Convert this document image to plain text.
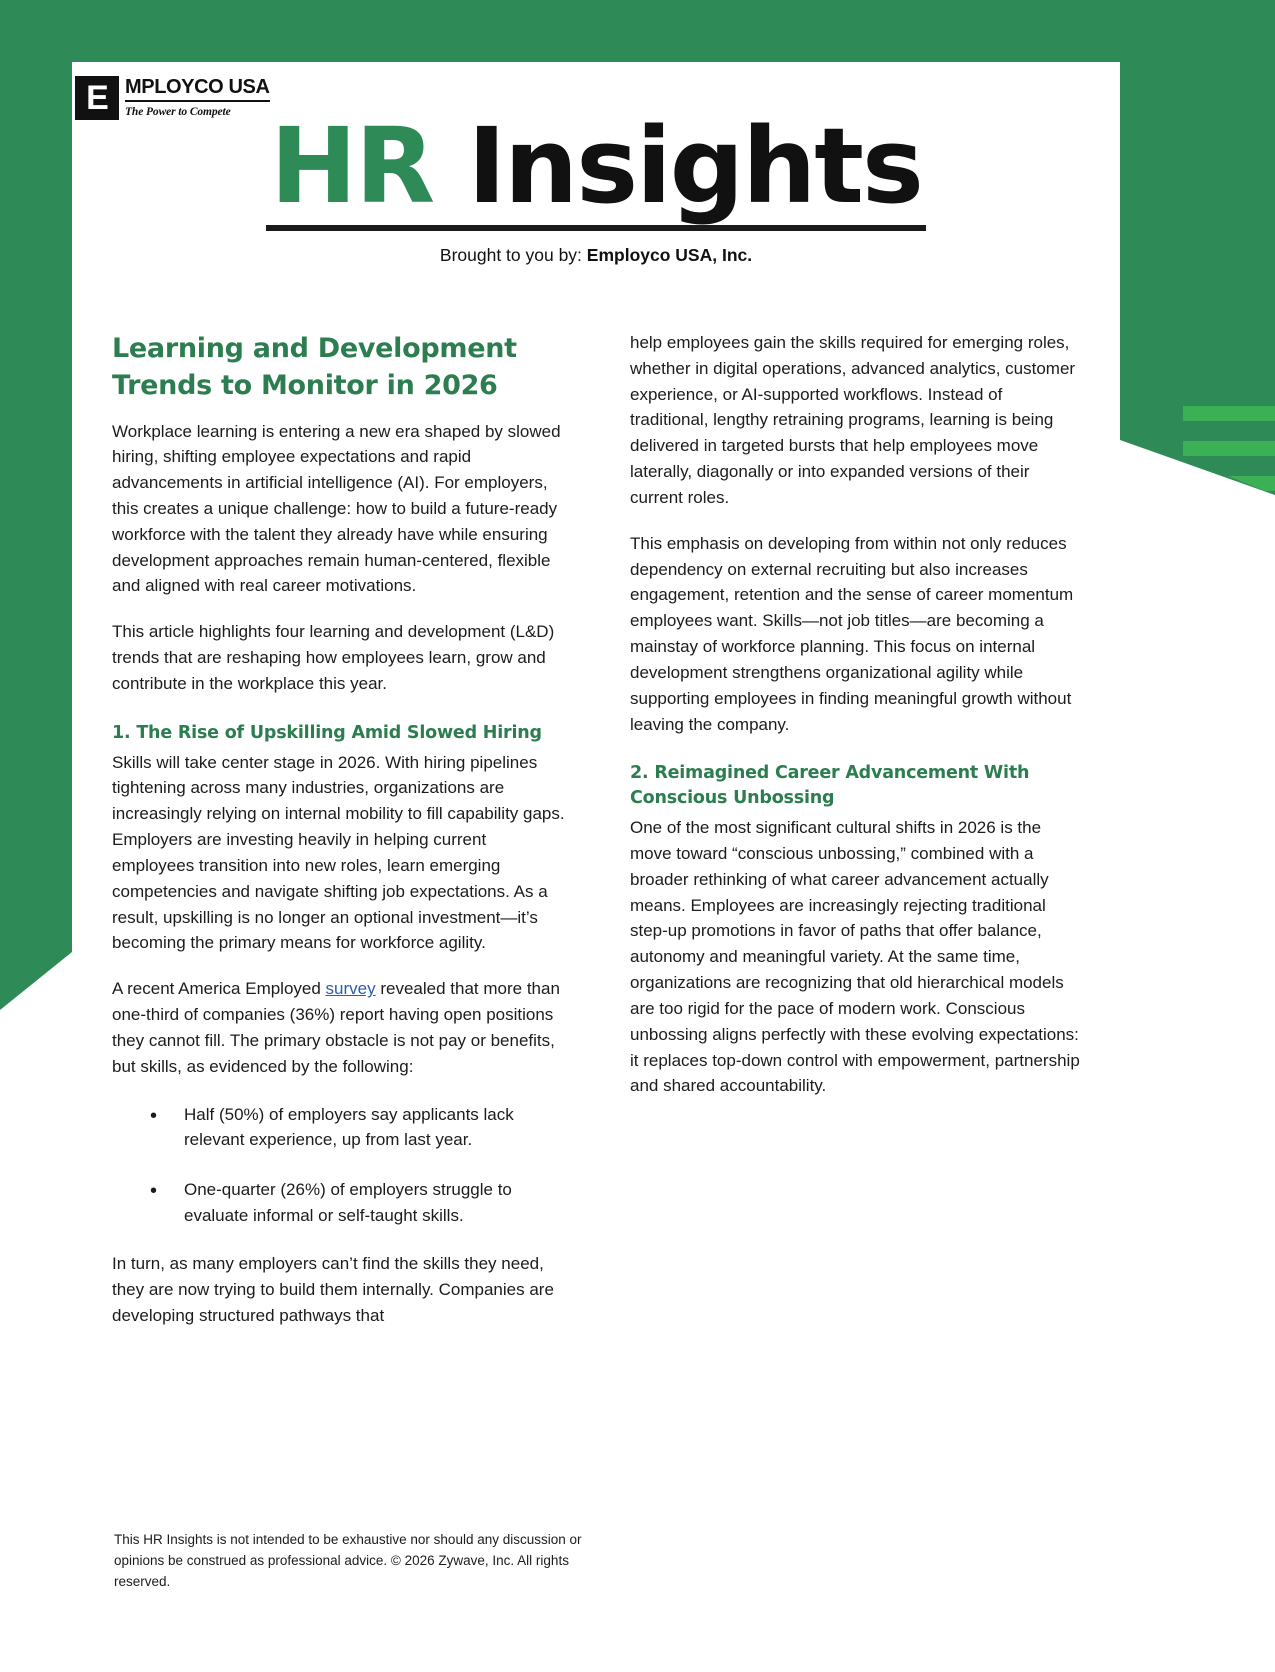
E MPLOYCO USA
The Power to Compete HR Insights
Brought to you by: Employco USA, Inc.
Learning and Development Trends to Monitor in 2026

Workplace learning is entering a new era shaped by slowed hiring, shifting employee expectations and rapid advancements in artificial intelligence (AI). For employers, this creates a unique challenge: how to build a future-ready workforce with the talent they already have while ensuring development approaches remain human-centered, flexible and aligned with real career motivations.

This article highlights four learning and development (L&D) trends that are reshaping how employees learn, grow and contribute in the workplace this year.

1. The Rise of Upskilling Amid Slowed Hiring

Skills will take center stage in 2026. With hiring pipelines tightening across many industries, organizations are increasingly relying on internal mobility to fill capability gaps. Employers are investing heavily in helping current employees transition into new roles, learn emerging competencies and navigate shifting job expectations. As a result, upskilling is no longer an optional investment—it’s becoming the primary means for workforce agility.

A recent America Employed survey revealed that more than one-third of companies (36%) report having open positions they cannot fill. The primary obstacle is not pay or benefits, but skills, as evidenced by the following:

• Half (50%) of employers say applicants lack relevant experience, up from last year.
• One-quarter (26%) of employers struggle to evaluate informal or self-taught skills.

In turn, as many employers can’t find the skills they need, they are now trying to build them internally. Companies are developing structured pathways that

help employees gain the skills required for emerging roles, whether in digital operations, advanced analytics, customer experience, or AI-supported workflows. Instead of traditional, lengthy retraining programs, learning is being delivered in targeted bursts that help employees move laterally, diagonally or into expanded versions of their current roles.

This emphasis on developing from within not only reduces dependency on external recruiting but also increases engagement, retention and the sense of career momentum employees want. Skills—not job titles—are becoming a mainstay of workforce planning. This focus on internal development strengthens organizational agility while supporting employees in finding meaningful growth without leaving the company.

2. Reimagined Career Advancement With Conscious Unbossing

One of the most significant cultural shifts in 2026 is the move toward “conscious unbossing,” combined with a broader rethinking of what career advancement actually means. Employees are increasingly rejecting traditional step-up promotions in favor of paths that offer balance, autonomy and meaningful variety. At the same time, organizations are recognizing that old hierarchical models are too rigid for the pace of modern work. Conscious unbossing aligns perfectly with these evolving expectations: it replaces top-down control with empowerment, partnership and shared accountability.

This HR Insights is not intended to be exhaustive nor should any discussion or opinions be construed as professional advice. © 2026 Zywave, Inc. All rights reserved.
